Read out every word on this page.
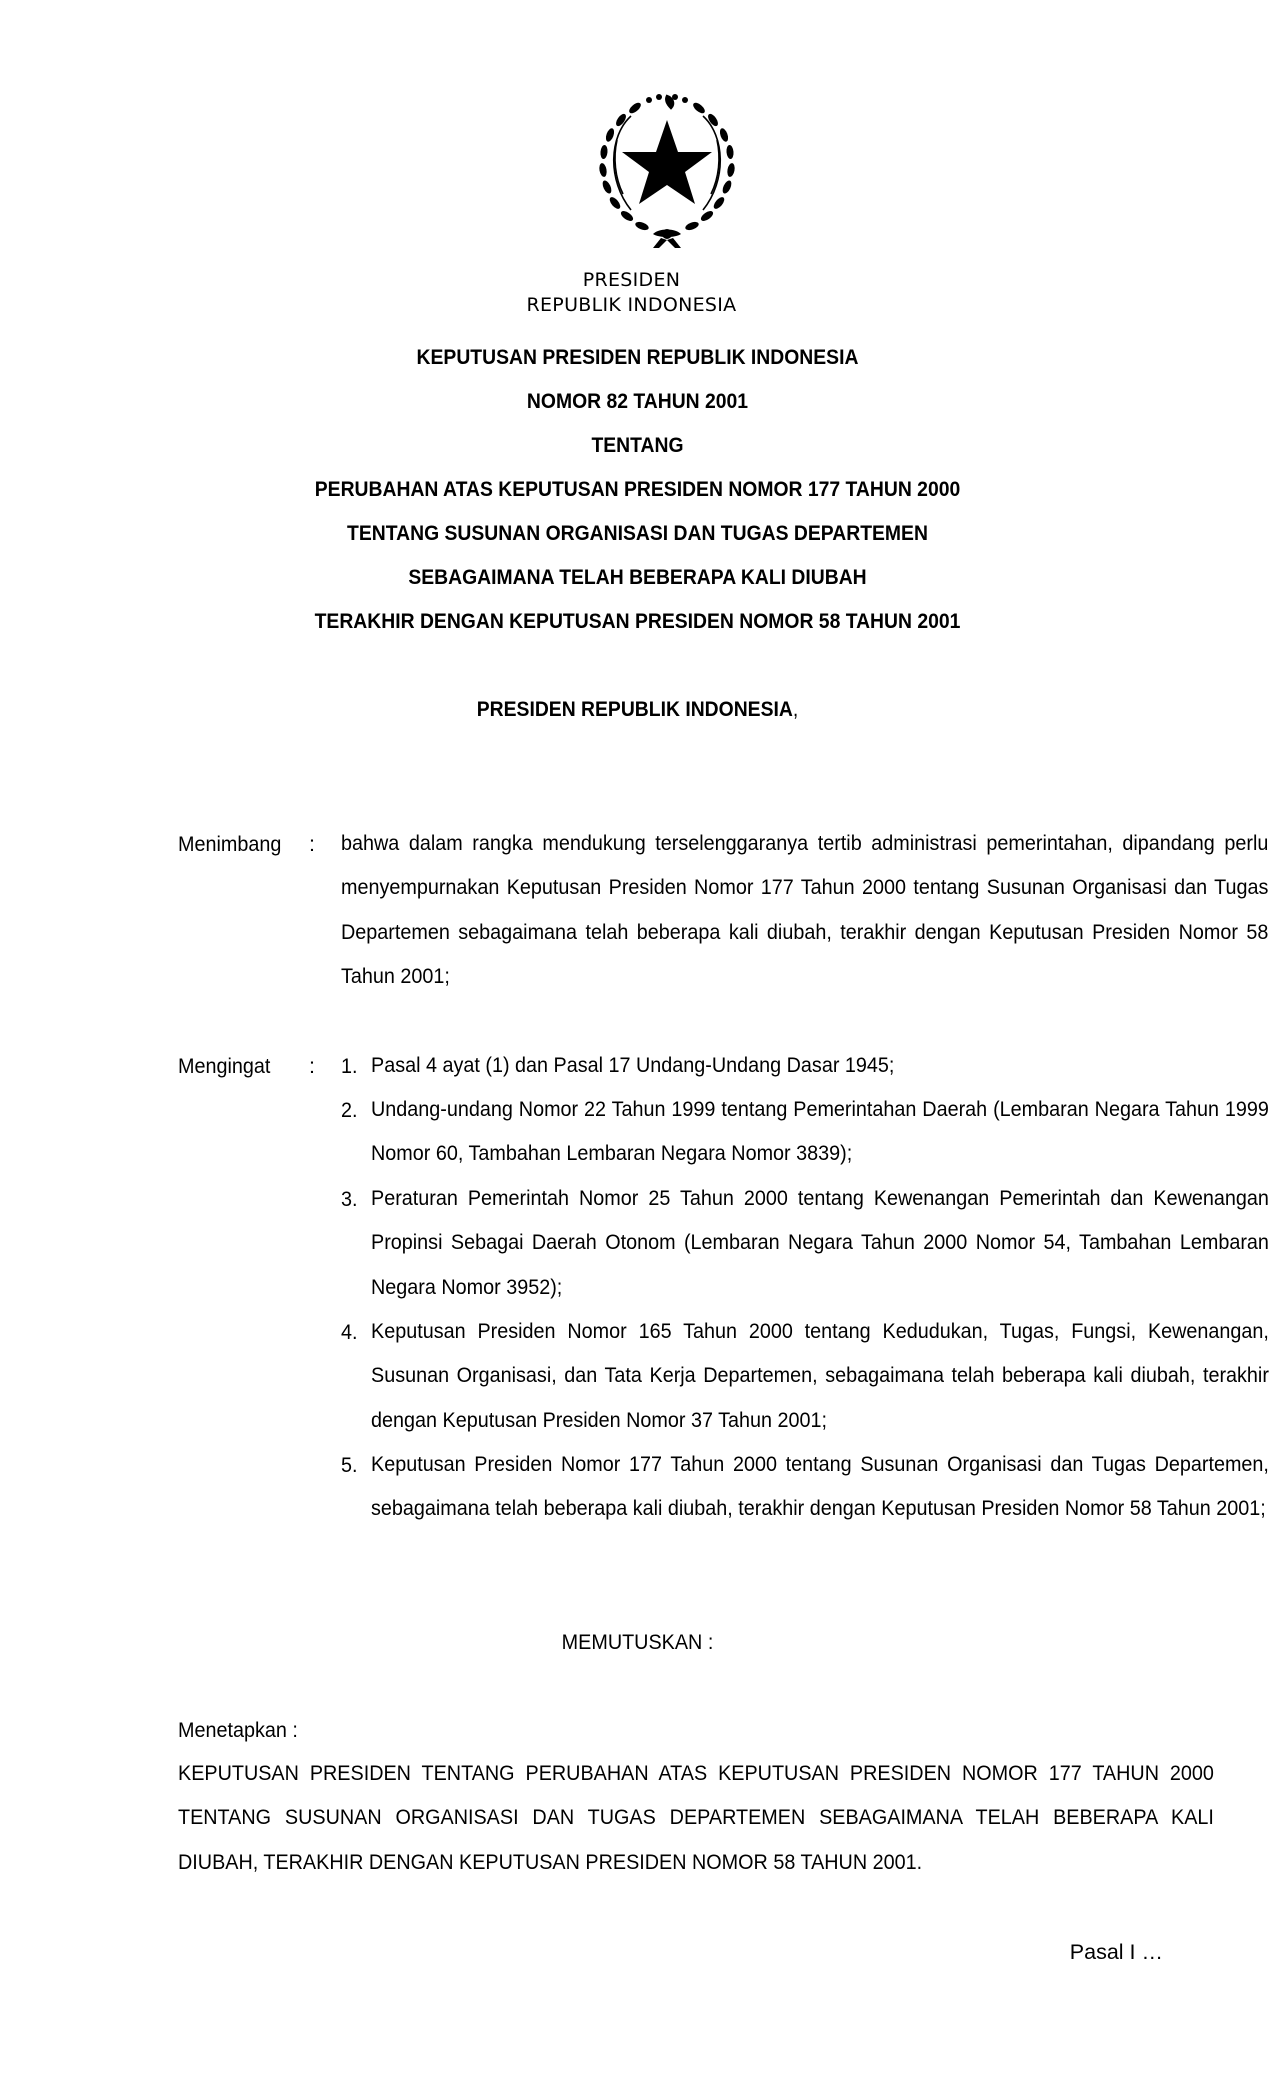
PRESIDEN
REPUBLIK INDONESIA
KEPUTUSAN PRESIDEN REPUBLIK INDONESIA
NOMOR 82 TAHUN 2001
TENTANG
PERUBAHAN ATAS KEPUTUSAN PRESIDEN NOMOR 177 TAHUN 2000
TENTANG SUSUNAN ORGANISASI DAN TUGAS DEPARTEMEN
SEBAGAIMANA TELAH BEBERAPA KALI DIUBAH
TERAKHIR DENGAN KEPUTUSAN PRESIDEN NOMOR 58 TAHUN 2001
PRESIDEN REPUBLIK INDONESIA,
Menimbang : bahwa dalam rangka mendukung terselenggaranya tertib administrasi pemerintahan, dipandang perlu menyempurnakan Keputusan Presiden Nomor 177 Tahun 2000 tentang Susunan Organisasi dan Tugas Departemen sebagaimana telah beberapa kali diubah, terakhir dengan Keputusan Presiden Nomor 58 Tahun 2001;
Mengingat : 1. Pasal 4 ayat (1) dan Pasal 17 Undang-Undang Dasar 1945;
2. Undang-undang Nomor 22 Tahun 1999 tentang Pemerintahan Daerah (Lembaran Negara Tahun 1999 Nomor 60, Tambahan Lembaran Negara Nomor 3839);
3. Peraturan Pemerintah Nomor 25 Tahun 2000 tentang Kewenangan Pemerintah dan Kewenangan Propinsi Sebagai Daerah Otonom (Lembaran Negara Tahun 2000 Nomor 54, Tambahan Lembaran Negara Nomor 3952);
4. Keputusan Presiden Nomor 165 Tahun 2000 tentang Kedudukan, Tugas, Fungsi, Kewenangan, Susunan Organisasi, dan Tata Kerja Departemen, sebagaimana telah beberapa kali diubah, terakhir dengan Keputusan Presiden Nomor 37 Tahun 2001;
5. Keputusan Presiden Nomor 177 Tahun 2000 tentang Susunan Organisasi dan Tugas Departemen, sebagaimana telah beberapa kali diubah, terakhir dengan Keputusan Presiden Nomor 58 Tahun 2001;
MEMUTUSKAN :
Menetapkan :
KEPUTUSAN PRESIDEN TENTANG PERUBAHAN ATAS KEPUTUSAN PRESIDEN NOMOR 177 TAHUN 2000 TENTANG SUSUNAN ORGANISASI DAN TUGAS DEPARTEMEN SEBAGAIMANA TELAH BEBERAPA KALI DIUBAH, TERAKHIR DENGAN KEPUTUSAN PRESIDEN NOMOR 58 TAHUN 2001.
Pasal I …
